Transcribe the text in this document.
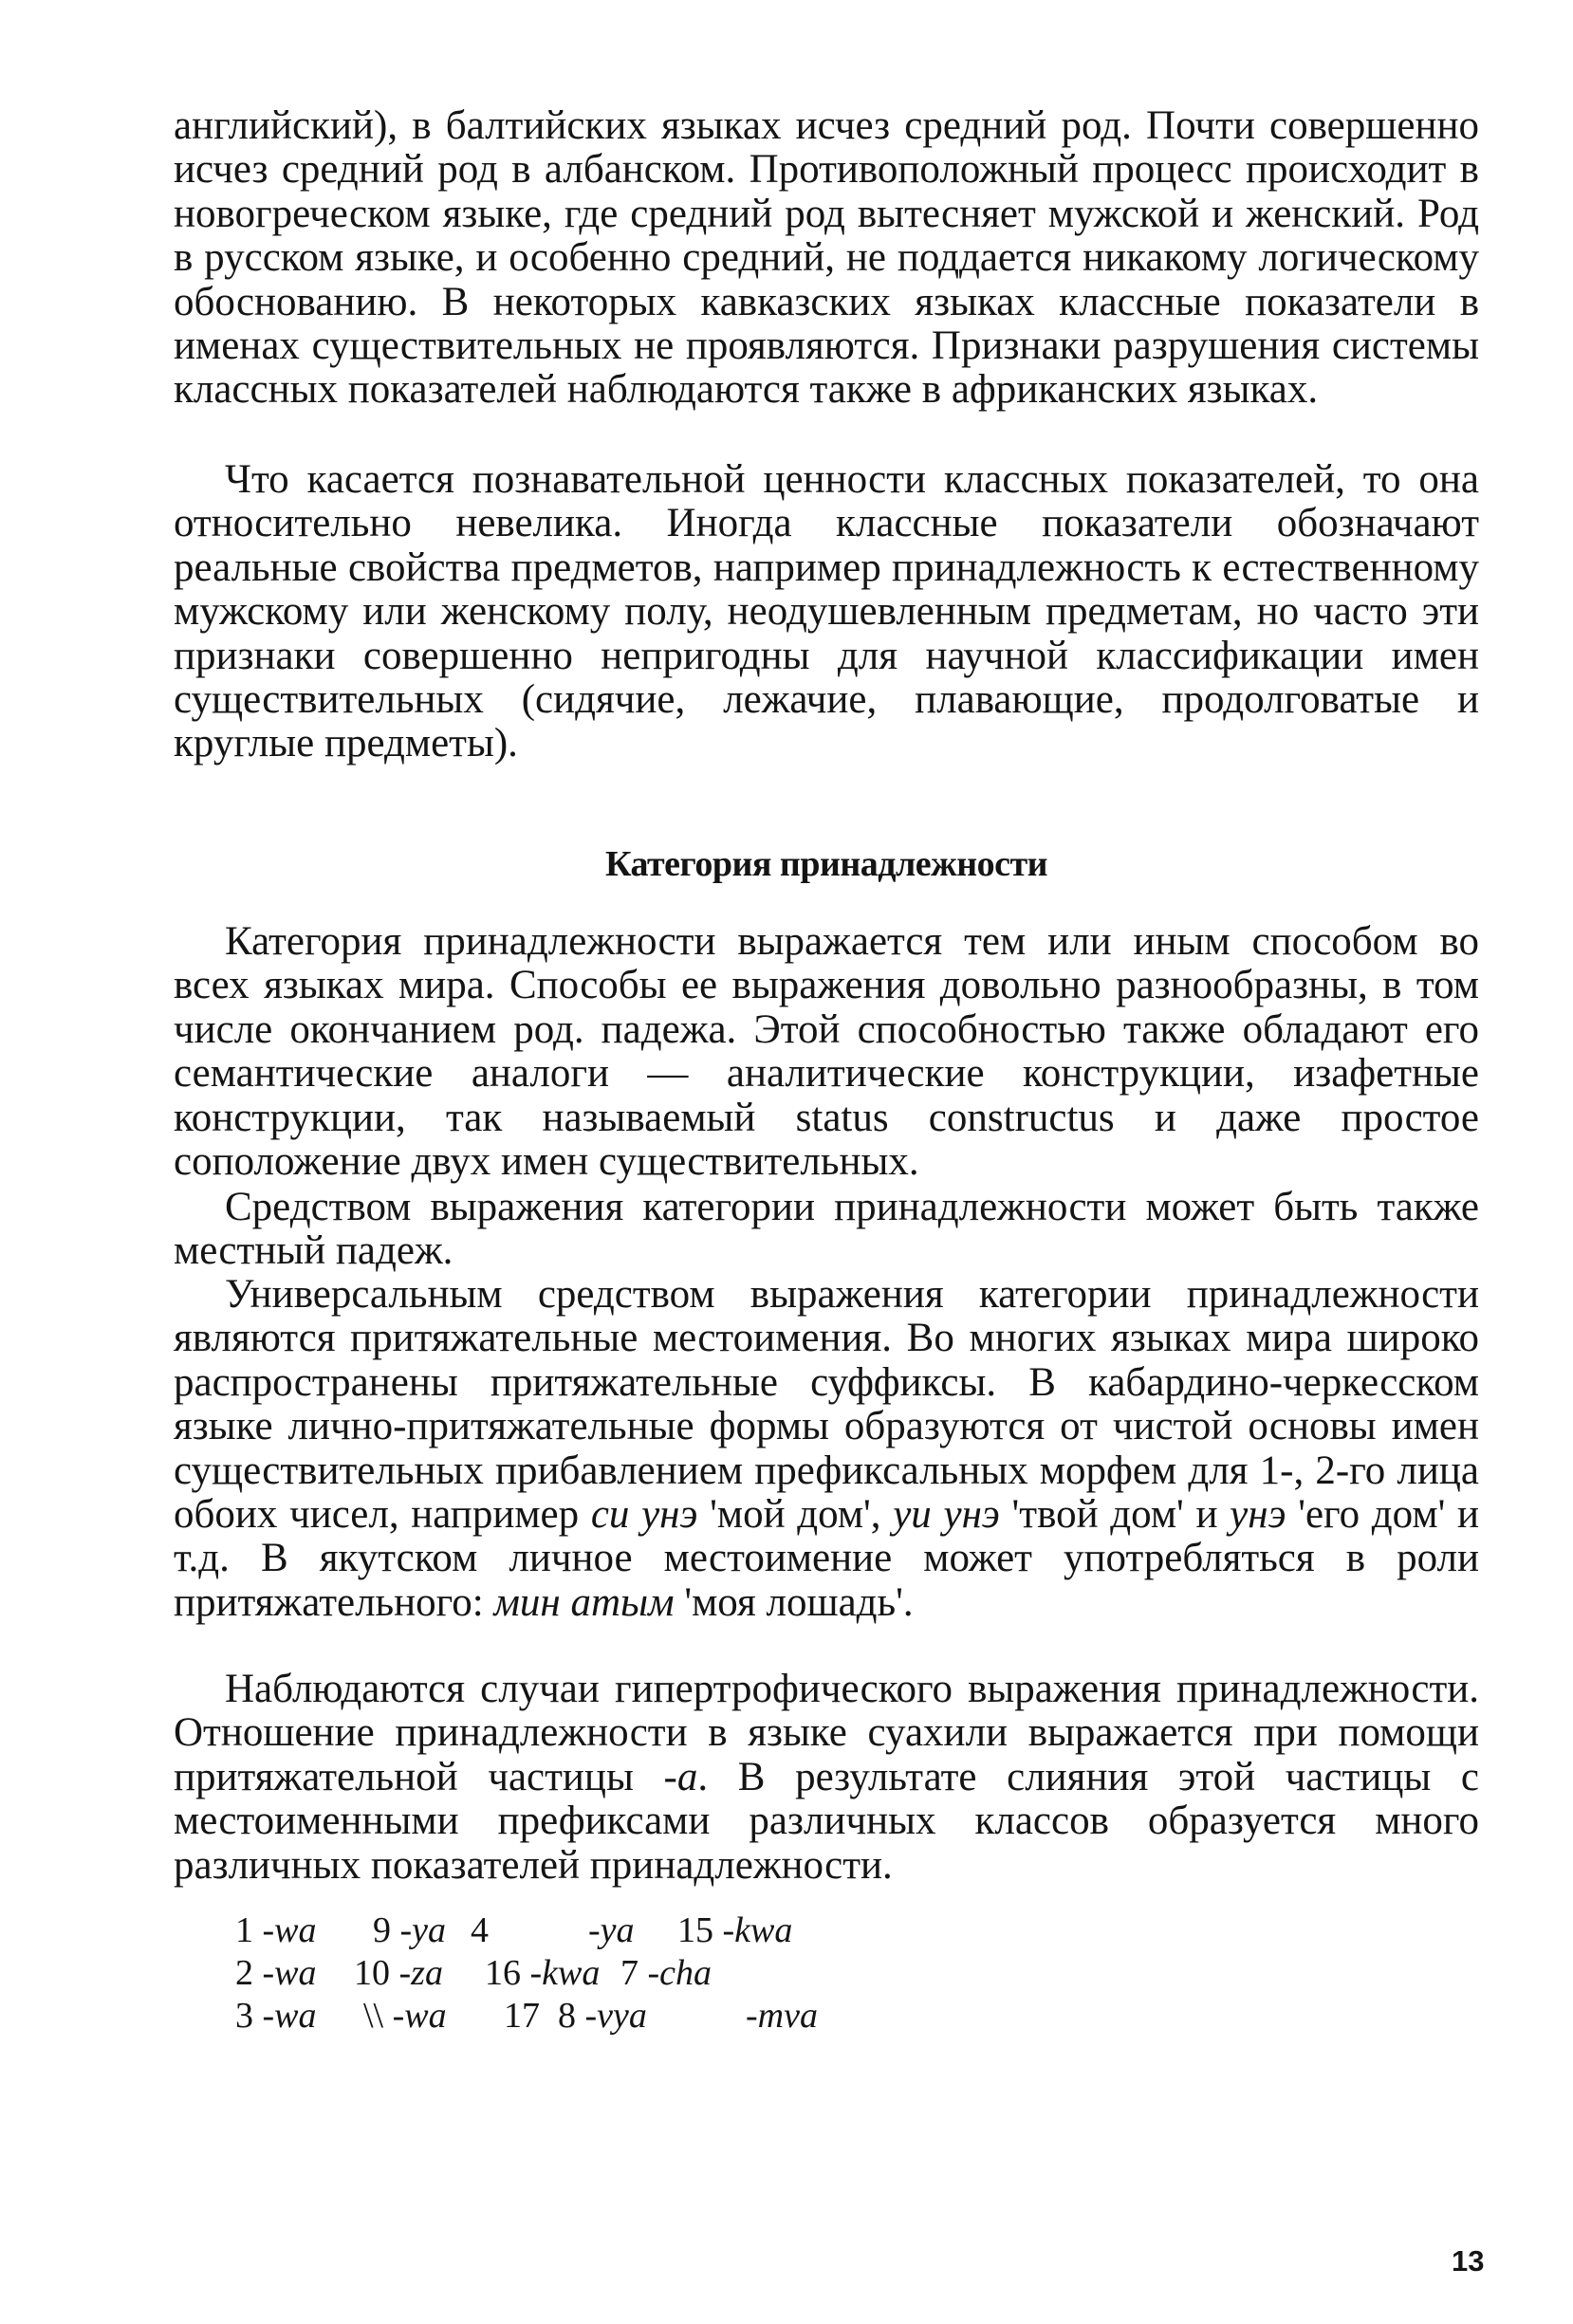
английский), в балтийских языках исчез средний род. Почти совершенно исчез средний род в албанском. Противоположный процесс происходит в новогреческом языке, где средний род вытесняет мужской и женский. Род в русском языке, и особенно средний, не поддается никакому логическому обоснованию. В некоторых кавказских языках классные показатели в именах существительных не проявляются. Признаки разрушения системы классных показателей наблюдаются также в африканских языках.

Что касается познавательной ценности классных показателей, то она относительно невелика. Иногда классные показатели обозначают реальные свойства предметов, например принадлежность к естественному мужскому или женскому полу, неодушевленным предметам, но часто эти признаки совершенно непригодны для научной классификации имен существительных (сидячие, лежачие, плавающие, продолговатые и круглые предметы).

Категория принадлежности

Категория принадлежности выражается тем или иным способом во всех языках мира. Способы ее выражения довольно разнообразны, в том числе окончанием род. падежа. Этой способностью также обладают его семантические аналоги — аналитические конструкции, изафетные конструкции, так называемый status constructus и даже простое соположение двух имен существительных.

Средством выражения категории принадлежности может быть также местный падеж.

Универсальным средством выражения категории принадлежности являются притяжательные местоимения. Во многих языках мира широко распространены притяжательные суффиксы. В кабардино-черкесском языке лично-притяжательные формы образуются от чистой основы имен существительных прибавлением префиксальных морфем для 1-, 2-го лица обоих чисел, например си унэ 'мой дом', уи унэ 'твой дом' и унэ 'его дом' и т.д. В якутском личное местоимение может употребляться в роли притяжательного: мин атым 'моя лошадь'.

Наблюдаются случаи гипертрофического выражения принадлежности. Отношение принадлежности в языке суахили выражается при помощи притяжательной частицы -а. В результате слияния этой частицы с местоименными префиксами различных классов образуется много различных показателей принадлежности.

1 -wa 9 -ya 4	-ya 15 -kwa
2 -wa 10 -za 16 -kwa 7 -cha
3 -wa \\ -wa 17 8 -vya	-mva
13
